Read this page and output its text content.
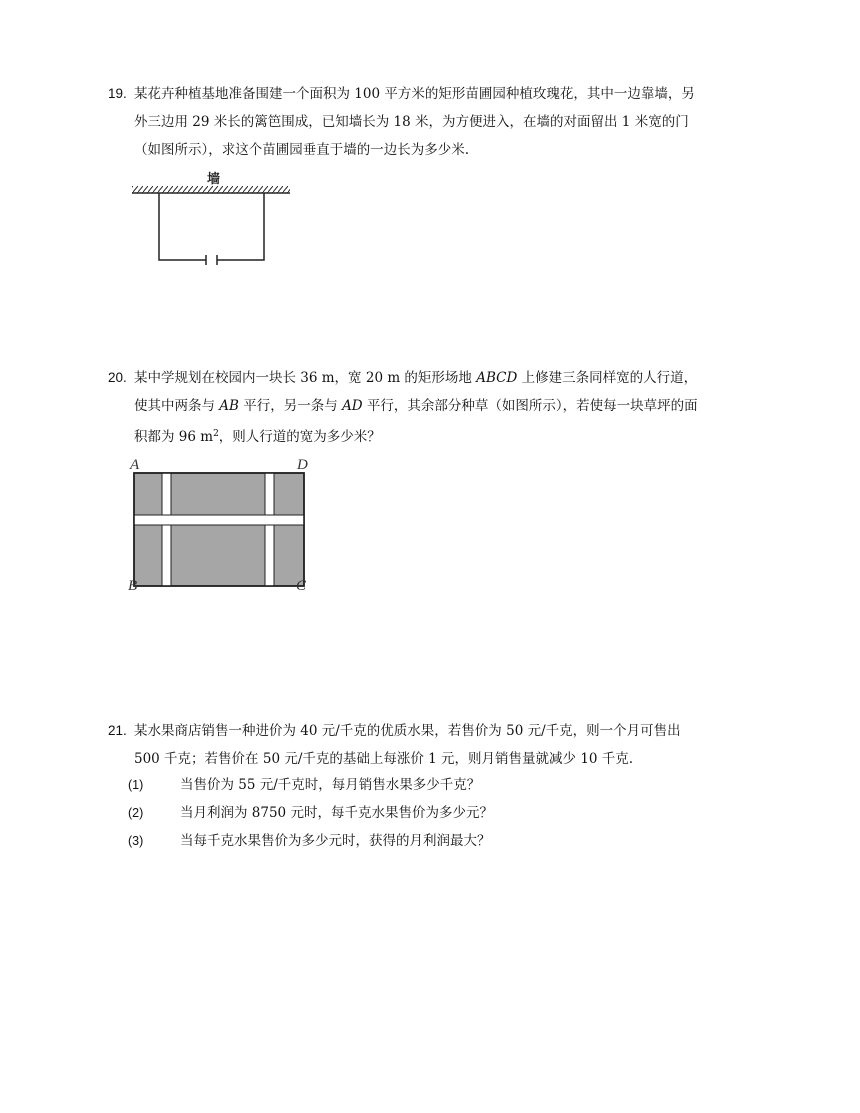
19. 某花卉种植基地准备围建一个面积为 100 平方米的矩形苗圃园种植玫瑰花，其中一边靠墙，另
外三边用 29 米长的篱笆围成，已知墙长为 18 米，为方便进入，在墙的对面留出 1 米宽的门
（如图所示），求这个苗圃园垂直于墙的一边长为多少米.
墙
20. 某中学规划在校园内一块长 36 m，宽 20 m 的矩形场地 ABCD 上修建三条同样宽的人行道，
使其中两条与 AB 平行，另一条与 AD 平行，其余部分种草（如图所示），若使每一块草坪的面
积都为 96 $m^2$，则人行道的宽为多少米？
A	D
B	C
21. 某水果商店销售一种进价为 40 元/千克的优质水果，若售价为 50 元/千克，则一个月可售出
500 千克；若售价在 50 元/千克的基础上每涨价 1 元，则月销售量就减少 10 千克.
(1)	当售价为 55 元/千克时，每月销售水果多少千克？
(2)	当月利润为 8750 元时，每千克水果售价为多少元？
(3)	当每千克水果售价为多少元时，获得的月利润最大？
